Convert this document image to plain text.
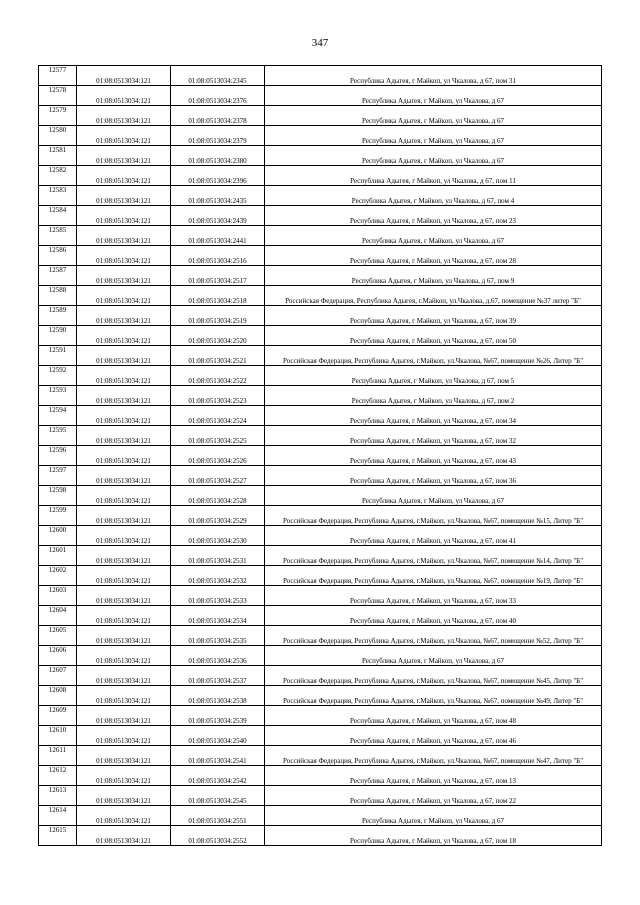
347
12577	01:08:0513034:121	01:08:0513034:2345	Республика Адыгея, г Майкоп, ул Чкалова, д 67, пом 31

12578	01:08:0513034:121	01:08:0513034:2376	Республика Адыгея, г Майкоп, ул Чкалова, д 67

12579	01:08:0513034:121	01:08:0513034:2378	Республика Адыгея, г Майкоп, ул Чкалова, д 67

12580	01:08:0513034:121	01:08:0513034:2379	Республика Адыгея, г Майкоп, ул Чкалова, д 67

12581	01:08:0513034:121	01:08:0513034:2380	Республика Адыгея, г Майкоп, ул Чкалова, д 67

12582	01:08:0513034:121	01:08:0513034:2396	Республика Адыгея, г Майкоп, ул Чкалова, д 67, пом 11

12583	01:08:0513034:121	01:08:0513034:2435	Республика Адыгея, г Майкоп, ул Чкалова, д 67, пом 4

12584	01:08:0513034:121	01:08:0513034:2439	Республика Адыгея, г Майкоп, ул Чкалова, д 67, пом 23

12585	01:08:0513034:121	01:08:0513034:2441	Республика Адыгея, г Майкоп, ул Чкалова, д 67

12586	01:08:0513034:121	01:08:0513034:2516	Республика Адыгея, г Майкоп, ул Чкалова, д 67, пом 28

12587	01:08:0513034:121	01:08:0513034:2517	Республика Адыгея, г Майкоп, ул Чкалова, д 67, пом 9

12588	01:08:0513034:121	01:08:0513034:2518	Российская Федерация, Республика Адыгея, г.Майкоп, ул.Чкалова, д.67, помещение №37 литер "Б"

12589	01:08:0513034:121	01:08:0513034:2519	Республика Адыгея, г Майкоп, ул Чкалова, д 67, пом 39

12590	01:08:0513034:121	01:08:0513034:2520	Республика Адыгея, г Майкоп, ул Чкалова, д 67, пом 50

12591	01:08:0513034:121	01:08:0513034:2521	Российская Федерация, Республика Адыгея, г.Майкоп, ул.Чкалова, №67, помещение №26, Литер "Б"

12592	01:08:0513034:121	01:08:0513034:2522	Республика Адыгея, г Майкоп, ул Чкалова, д 67, пом 5

12593	01:08:0513034:121	01:08:0513034:2523	Республика Адыгея, г Майкоп, ул Чкалова, д 67, пом 2

12594	01:08:0513034:121	01:08:0513034:2524	Республика Адыгея, г Майкоп, ул Чкалова, д 67, пом 34

12595	01:08:0513034:121	01:08:0513034:2525	Республика Адыгея, г Майкоп, ул Чкалова, д 67, пом 32

12596	01:08:0513034:121	01:08:0513034:2526	Республика Адыгея, г Майкоп, ул Чкалова, д 67, пом 43

12597	01:08:0513034:121	01:08:0513034:2527	Республика Адыгея, г Майкоп, ул Чкалова, д 67, пом 36

12598	01:08:0513034:121	01:08:0513034:2528	Республика Адыгея, г Майкоп, ул Чкалова, д 67

12599	01:08:0513034:121	01:08:0513034:2529	Российская Федерация, Республика Адыгея, г.Майкоп, ул.Чкалова, №67, помещение №15, Литер "Б"

12600	01:08:0513034:121	01:08:0513034:2530	Республика Адыгея, г Майкоп, ул Чкалова, д 67, пом 41

12601	01:08:0513034:121	01:08:0513034:2531	Российская Федерация, Республика Адыгея, г.Майкоп, ул.Чкалова, №67, помещение №14, Литер "Б"

12602	01:08:0513034:121	01:08:0513034:2532	Российская Федерация, Республика Адыгея, г.Майкоп, ул.Чкалова, №67, помещение №19, Литер "Б"

12603	01:08:0513034:121	01:08:0513034:2533	Республика Адыгея, г Майкоп, ул Чкалова, д 67, пом 33

12604	01:08:0513034:121	01:08:0513034:2534	Республика Адыгея, г Майкоп, ул Чкалова, д 67, пом 40

12605	01:08:0513034:121	01:08:0513034:2535	Российская Федерация, Республика Адыгея, г.Майкоп, ул.Чкалова, №67, помещение №52, Литер "Б"

12606	01:08:0513034:121	01:08:0513034:2536	Республика Адыгея, г Майкоп, ул Чкалова, д 67

12607	01:08:0513034:121	01:08:0513034:2537	Российская Федерация, Республика Адыгея, г.Майкоп, ул.Чкалова, №67, помещение №45, Литер "Б"

12608	01:08:0513034:121	01:08:0513034:2538	Российская Федерация, Республика Адыгея, г.Майкоп, ул.Чкалова, №67, помещение №49, Литер "Б"

12609	01:08:0513034:121	01:08:0513034:2539	Республика Адыгея, г Майкоп, ул Чкалова, д 67, пом 48

12610	01:08:0513034:121	01:08:0513034:2540	Республика Адыгея, г Майкоп, ул Чкалова, д 67, пом 46

12611	01:08:0513034:121	01:08:0513034:2541	Российская Федерация, Республика Адыгея, г.Майкоп, ул.Чкалова, №67, помещение №47, Литер "Б"

12612	01:08:0513034:121	01:08:0513034:2542	Республика Адыгея, г Майкоп, ул Чкалова, д 67, пом 13

12613	01:08:0513034:121	01:08:0513034:2545	Республика Адыгея, г Майкоп, ул Чкалова, д 67, пом 22

12614	01:08:0513034:121	01:08:0513034:2551	Республика Адыгея, г Майкоп, ул Чкалова, д 67

12615	01:08:0513034:121	01:08:0513034:2552	Республика Адыгея, г Майкоп, ул Чкалова, д 67, пом 18
